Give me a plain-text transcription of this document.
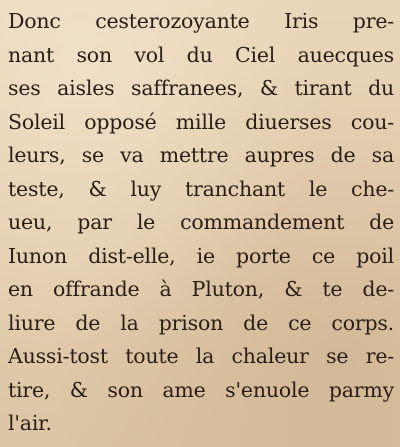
Donc cesterozoyante Iris pre-
nant son vol du Ciel auecques
ses aisles saffranees, & tirant du
Soleil opposé mille diuerses cou-
leurs, se va mettre aupres de sa
teste, & luy tranchant le che-
ueu, par le commandement de
Iunon dist-elle, ie porte ce poil
en offrande à Pluton, & te de-
liure de la prison de ce corps.
Aussi-tost toute la chaleur se re-
tire, & son ame s'enuole parmy
l'air.
